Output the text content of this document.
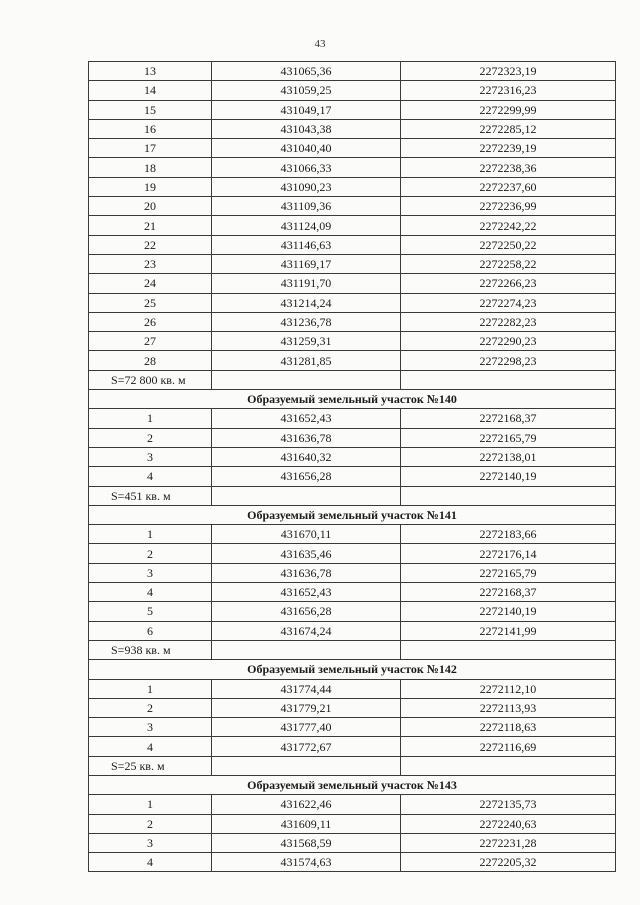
43
13	431065,36	2272323,19
14	431059,25	2272316,23
15	431049,17	2272299,99
16	431043,38	2272285,12
17	431040,40	2272239,19
18	431066,33	2272238,36
19	431090,23	2272237,60
20	431109,36	2272236,99
21	431124,09	2272242,22
22	431146,63	2272250,22
23	431169,17	2272258,22
24	431191,70	2272266,23
25	431214,24	2272274,23
26	431236,78	2272282,23
27	431259,31	2272290,23
28	431281,85	2272298,23
S=72 800 кв. м		
Образуемый земельный участок №140		
1	431652,43	2272168,37
2	431636,78	2272165,79
3	431640,32	2272138,01
4	431656,28	2272140,19
S=451 кв. м		
Образуемый земельный участок №141		
1	431670,11	2272183,66
2	431635,46	2272176,14
3	431636,78	2272165,79
4	431652,43	2272168,37
5	431656,28	2272140,19
6	431674,24	2272141,99
S=938 кв. м		
Образуемый земельный участок №142		
1	431774,44	2272112,10
2	431779,21	2272113,93
3	431777,40	2272118,63
4	431772,67	2272116,69
S=25 кв. м		
Образуемый земельный участок №143		
1	431622,46	2272135,73
2	431609,11	2272240,63
3	431568,59	2272231,28
4	431574,63	2272205,32
